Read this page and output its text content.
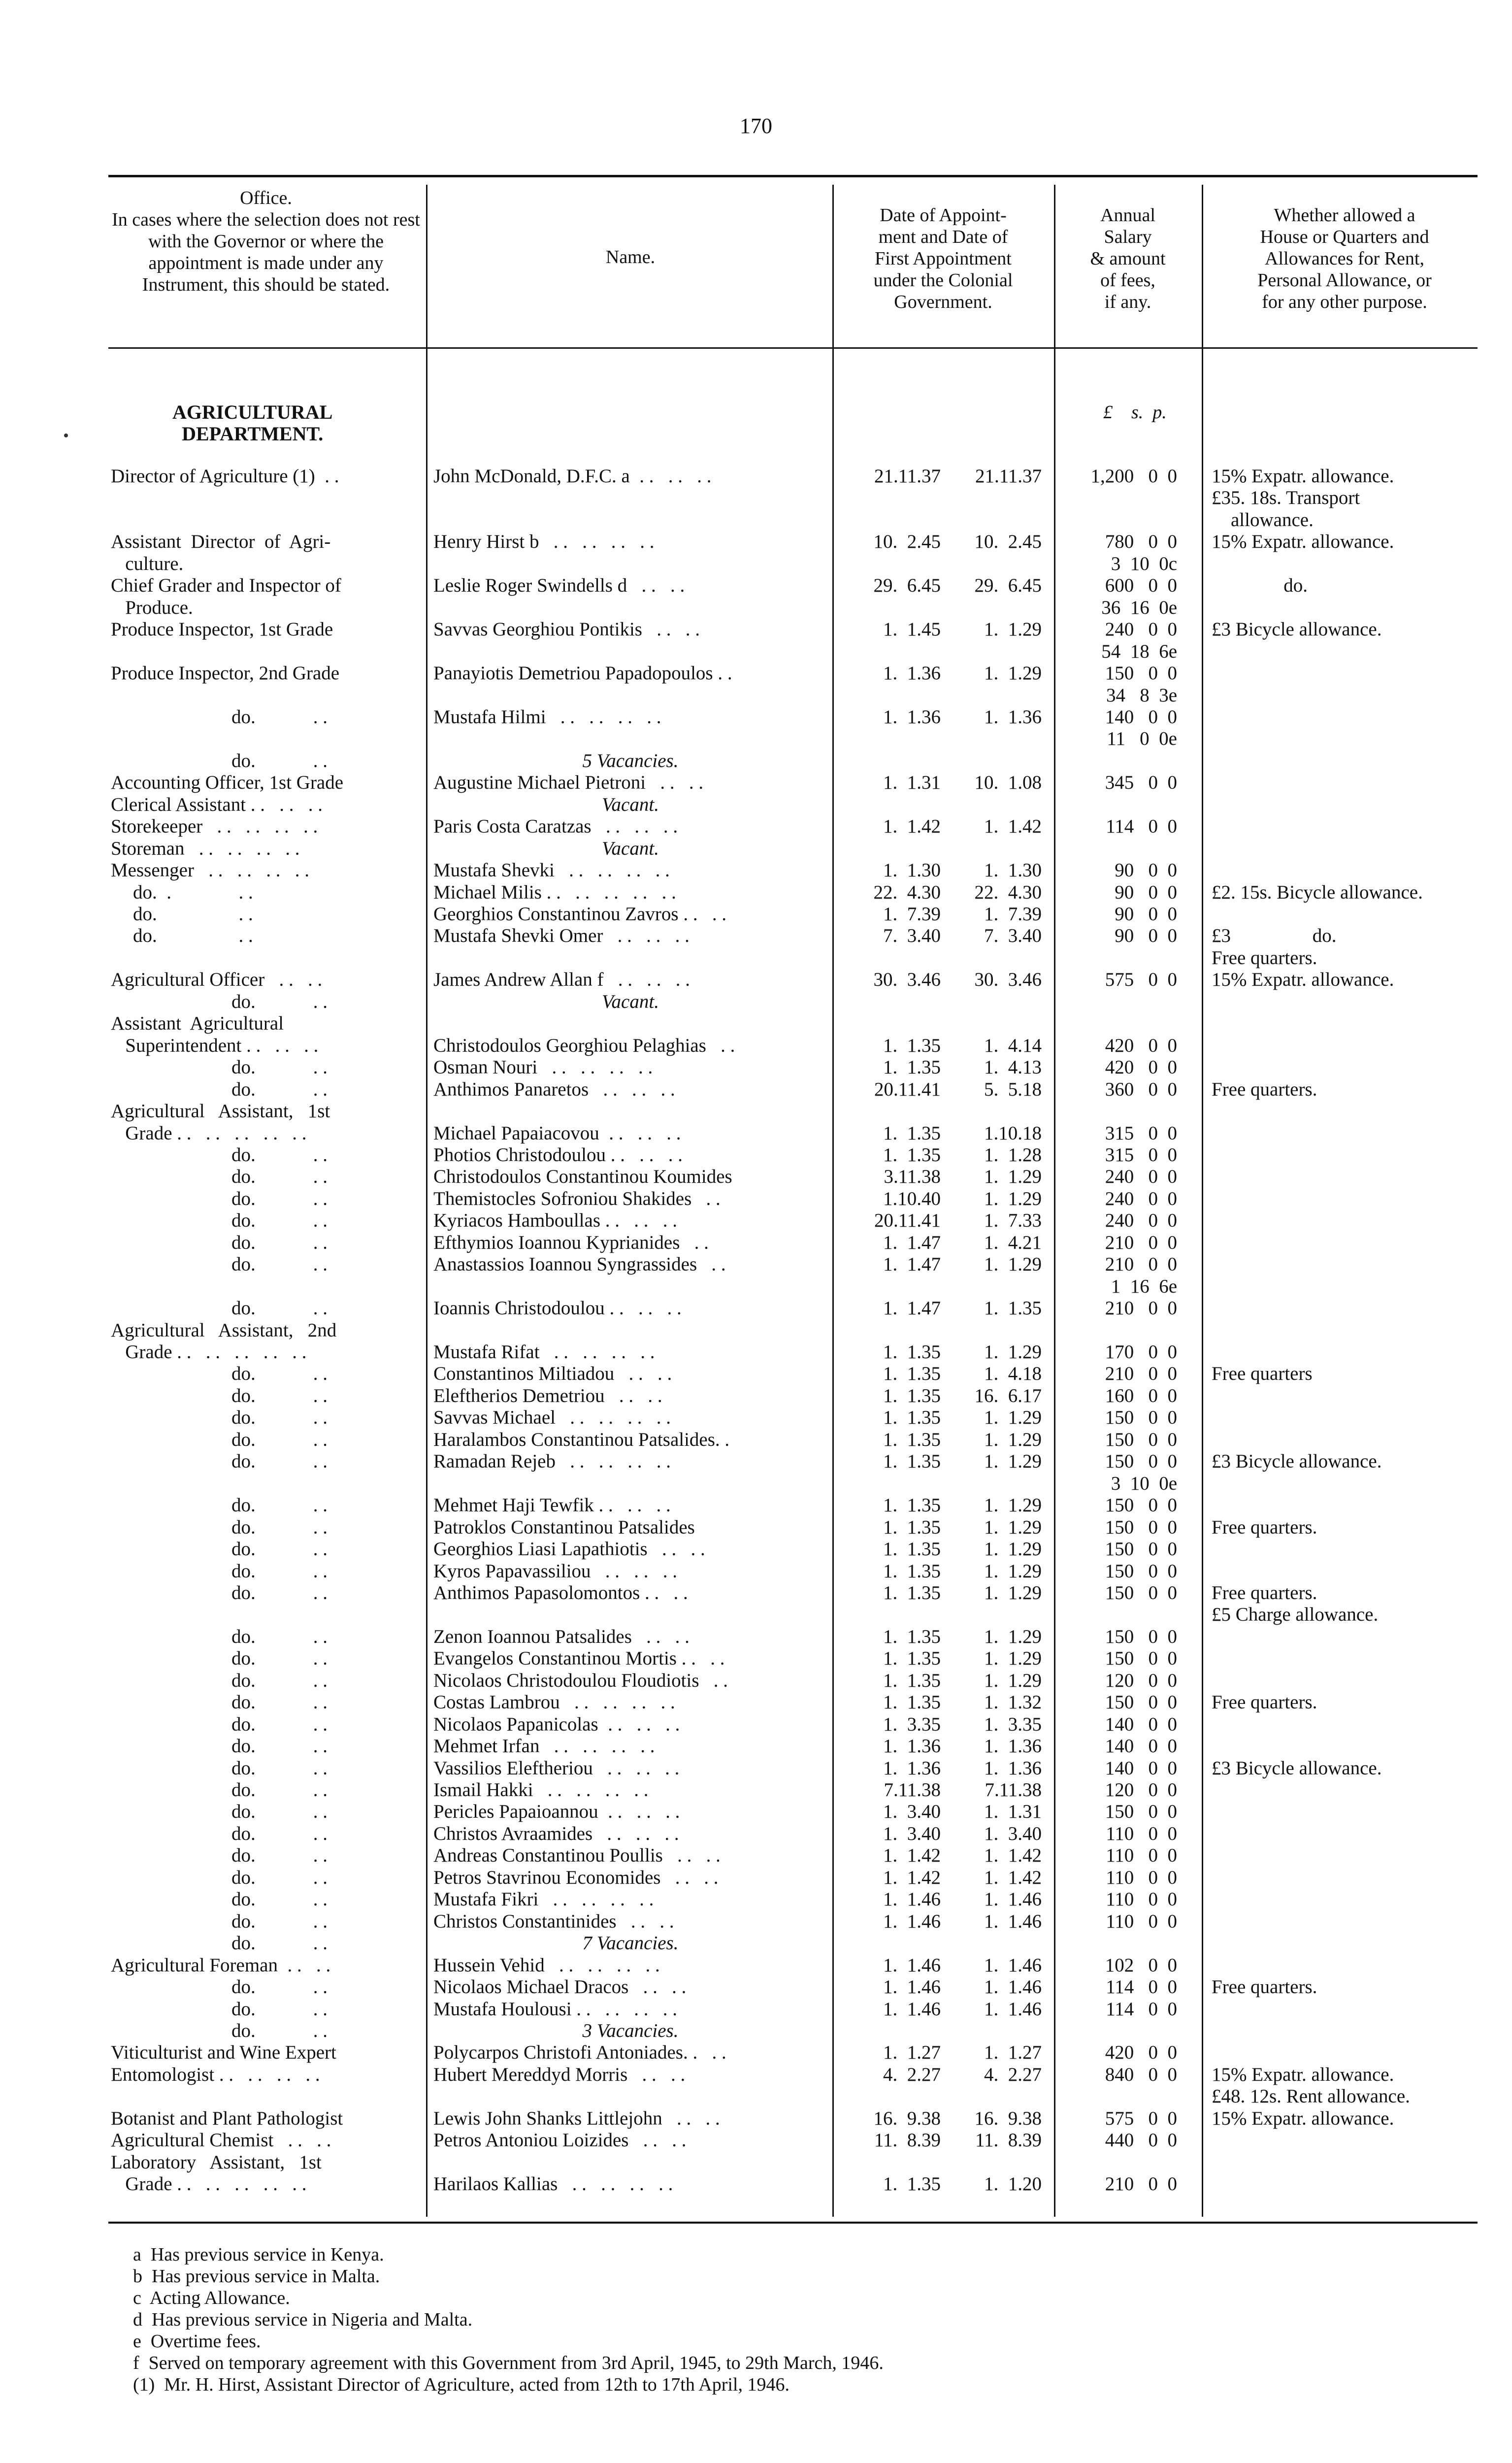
170
Office.
In cases where the selection does not rest with the Governor or where the appointment is made under any Instrument, this should be stated.
Name.
Date of Appoint-
ment and Date of
First Appointment
under the Colonial
Government.
Annual
Salary
& amount
of fees,
if any.
Whether allowed a
House or Quarters and
Allowances for Rent,
Personal Allowance, or
for any other purpose.
AGRICULTURAL
DEPARTMENT.
£    s.  p.
Director of Agriculture (1)  . .	John McDonald, D.F.C. a  . .   . .   . .	21.11.37	21.11.37	1,200   0  0 15% Expatr. allowance.
£35. 18s. Transport
allowance.
Assistant  Director  of  Agri-	Henry Hirst b   . .   . .   . .   . .	10.  2.45	10.  2.45	780   0  0 15% Expatr. allowance.
culture.	3  10  0c
Chief Grader and Inspector of	Leslie Roger Swindells d   . .   . .	29.  6.45	29.  6.45	600   0  0 do.
Produce.	36  16  0e
Produce Inspector, 1st Grade	Savvas Georghiou Pontikis   . .   . .	1.  1.45	1.  1.29	240   0  0 £3 Bicycle allowance.
54  18  6e
Produce Inspector, 2nd Grade	Panayiotis Demetriou Papadopoulos . .	1.  1.36	1.  1.29	150   0  0
34   8  3e
do.            . .	Mustafa Hilmi   . .   . .   . .   . .	1.  1.36	1.  1.36	140   0  0
11   0  0e
do.            . .	5 Vacancies.
Accounting Officer, 1st Grade	Augustine Michael Pietroni   . .   . .	1.  1.31	10.  1.08	345   0  0
Clerical Assistant . .   . .   . .	Vacant.
Storekeeper   . .   . .   . .   . .	Paris Costa Caratzas   . .   . .   . .	1.  1.42	1.  1.42	114   0  0
Storeman   . .   . .   . .   . .	Vacant.
Messenger   . .   . .   . .   . .	Mustafa Shevki   . .   . .   . .   . .	1.  1.30	1.  1.30	90   0  0
do.  .              . .	Michael Milis . .   . .   . .   . .   . .	22.  4.30	22.  4.30	90   0  0 £2. 15s. Bicycle allowance.
do.                 . .	Georghios Constantinou Zavros . .   . .	1.  7.39	1.  7.39	90   0  0
do.                 . .	Mustafa Shevki Omer   . .   . .   . .	7.  3.40	7.  3.40	90   0  0 £3                 do.
Free quarters.
Agricultural Officer   . .   . .	James Andrew Allan f   . .   . .   . .	30.  3.46	30.  3.46	575   0  0 15% Expatr. allowance.
do.            . .	Vacant.
Assistant  Agricultural
Superintendent . .   . .   . .	Christodoulos Georghiou Pelaghias   . .	1.  1.35	1.  4.14	420   0  0
do.            . .	Osman Nouri   . .   . .   . .   . .	1.  1.35	1.  4.13	420   0  0
do.            . .	Anthimos Panaretos   . .   . .   . .	20.11.41	5.  5.18	360   0  0 Free quarters.
Agricultural   Assistant,   1st
Grade . .   . .   . .   . .   . .	Michael Papaiacovou  . .   . .   . .	1.  1.35	1.10.18	315   0  0
do.            . .	Photios Christodoulou . .   . .   . .	1.  1.35	1.  1.28	315   0  0
do.            . .	Christodoulos Constantinou Koumides	3.11.38	1.  1.29	240   0  0
do.            . .	Themistocles Sofroniou Shakides   . .	1.10.40	1.  1.29	240   0  0
do.            . .	Kyriacos Hamboullas . .   . .   . .	20.11.41	1.  7.33	240   0  0
do.            . .	Efthymios Ioannou Kyprianides   . .	1.  1.47	1.  4.21	210   0  0
do.            . .	Anastassios Ioannou Syngrassides   . .	1.  1.47	1.  1.29	210   0  0
1  16  6e
do.            . .	Ioannis Christodoulou . .   . .   . .	1.  1.47	1.  1.35	210   0  0
Agricultural   Assistant,   2nd
Grade . .   . .   . .   . .   . .	Mustafa Rifat   . .   . .   . .   . .	1.  1.35	1.  1.29	170   0  0
do.            . .	Constantinos Miltiadou   . .   . .	1.  1.35	1.  4.18	210   0  0 Free quarters
do.            . .	Eleftherios Demetriou   . .   . .	1.  1.35	16.  6.17	160   0  0
do.            . .	Savvas Michael   . .   . .   . .   . .	1.  1.35	1.  1.29	150   0  0
do.            . .	Haralambos Constantinou Patsalides. .	1.  1.35	1.  1.29	150   0  0
do.            . .	Ramadan Rejeb   . .   . .   . .   . .	1.  1.35	1.  1.29	150   0  0 £3 Bicycle allowance.
3  10  0e
do.            . .	Mehmet Haji Tewfik . .   . .   . .	1.  1.35	1.  1.29	150   0  0
do.            . .	Patroklos Constantinou Patsalides	1.  1.35	1.  1.29	150   0  0 Free quarters.
do.            . .	Georghios Liasi Lapathiotis   . .   . .	1.  1.35	1.  1.29	150   0  0
do.            . .	Kyros Papavassiliou   . .   . .   . .	1.  1.35	1.  1.29	150   0  0
do.            . .	Anthimos Papasolomontos . .   . .	1.  1.35	1.  1.29	150   0  0 Free quarters.
£5 Charge allowance.
do.            . .	Zenon Ioannou Patsalides   . .   . .	1.  1.35	1.  1.29	150   0  0
do.            . .	Evangelos Constantinou Mortis . .   . .	1.  1.35	1.  1.29	150   0  0
do.            . .	Nicolaos Christodoulou Floudiotis   . .	1.  1.35	1.  1.29	120   0  0
do.            . .	Costas Lambrou   . .   . .   . .   . .	1.  1.35	1.  1.32	150   0  0 Free quarters.
do.            . .	Nicolaos Papanicolas  . .   . .   . .	1.  3.35	1.  3.35	140   0  0
do.            . .	Mehmet Irfan   . .   . .   . .   . .	1.  1.36	1.  1.36	140   0  0
do.            . .	Vassilios Eleftheriou   . .   . .   . .	1.  1.36	1.  1.36	140   0  0 £3 Bicycle allowance.
do.            . .	Ismail Hakki   . .   . .   . .   . .	7.11.38	7.11.38	120   0  0
do.            . .	Pericles Papaioannou  . .   . .   . .	1.  3.40	1.  1.31	150   0  0
do.            . .	Christos Avraamides   . .   . .   . .	1.  3.40	1.  3.40	110   0  0
do.            . .	Andreas Constantinou Poullis   . .   . .	1.  1.42	1.  1.42	110   0  0
do.            . .	Petros Stavrinou Economides   . .   . .	1.  1.42	1.  1.42	110   0  0
do.            . .	Mustafa Fikri   . .   . .   . .   . .	1.  1.46	1.  1.46	110   0  0
do.            . .	Christos Constantinides   . .   . .	1.  1.46	1.  1.46	110   0  0
do.            . .	7 Vacancies.
Agricultural Foreman  . .   . .	Hussein Vehid   . .   . .   . .   . .	1.  1.46	1.  1.46	102   0  0
do.            . .	Nicolaos Michael Dracos   . .   . .	1.  1.46	1.  1.46	114   0  0 Free quarters.
do.            . .	Mustafa Houlousi . .   . .   . .   . .	1.  1.46	1.  1.46	114   0  0
do.            . .	3 Vacancies.
Viticulturist and Wine Expert	Polycarpos Christofi Antoniades. .   . .	1.  1.27	1.  1.27	420   0  0
Entomologist . .   . .   . .   . .	Hubert Mereddyd Morris   . .   . .	4.  2.27	4.  2.27	840   0  0 15% Expatr. allowance.
£48. 12s. Rent allowance.
Botanist and Plant Pathologist	Lewis John Shanks Littlejohn   . .   . .	16.  9.38	16.  9.38	575   0  0 15% Expatr. allowance.
Agricultural Chemist   . .   . .	Petros Antoniou Loizides   . .   . .	11.  8.39	11.  8.39	440   0  0
Laboratory   Assistant,   1st
Grade . .   . .   . .   . .   . .	Harilaos Kallias   . .   . .   . .   . .	1.  1.35	1.  1.20	210   0  0
a  Has previous service in Kenya.
b  Has previous service in Malta.
c  Acting Allowance.
d  Has previous service in Nigeria and Malta.
e  Overtime fees.
f  Served on temporary agreement with this Government from 3rd April, 1945, to 29th March, 1946.
(1)  Mr. H. Hirst, Assistant Director of Agriculture, acted from 12th to 17th April, 1946.
